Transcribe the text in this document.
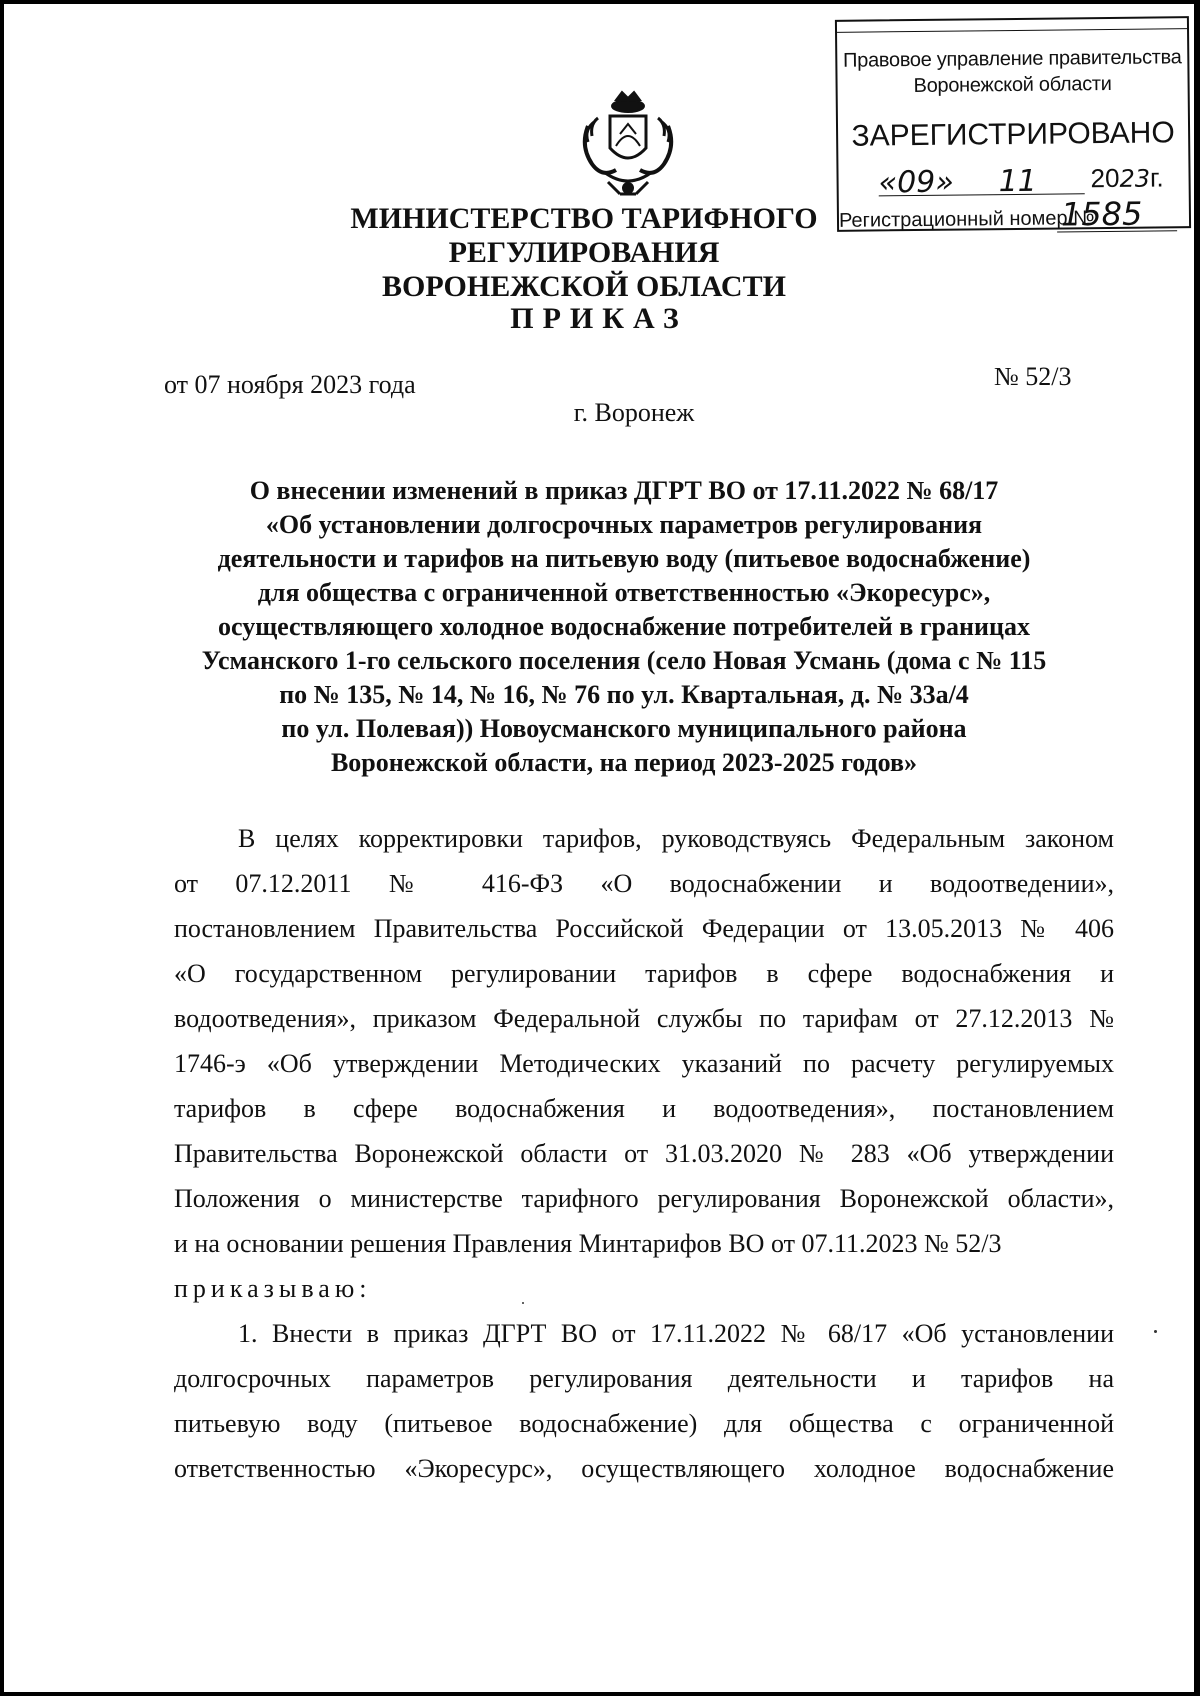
Правовое управление правительства
Воронежской области
ЗАРЕГИСТРИРОВАНО
«09» 11 2023г.
Регистрационный номер №
1585
МИНИСТЕРСТВО ТАРИФНОГО РЕГУЛИРОВАНИЯ
ВОРОНЕЖСКОЙ ОБЛАСТИ
ПРИКАЗ
от 07 ноября 2023 года	№ 52/3
г. Воронеж
О внесении изменений в приказ ДГРТ ВО от 17.11.2022 № 68/17
«Об установлении долгосрочных параметров регулирования
деятельности и тарифов на питьевую воду (питьевое водоснабжение)
для общества с ограниченной ответственностью «Экоресурс»,
осуществляющего холодное водоснабжение потребителей в границах
Усманского 1-го сельского поселения (село Новая Усмань (дома с № 115
по № 135, № 14, № 16, № 76 по ул. Квартальная, д. № 33а/4
по ул. Полевая)) Новоусманского муниципального района
Воронежской области, на период 2023-2025 годов»
В целях корректировки тарифов, руководствуясь Федеральным законом
от 07.12.2011 № 416-ФЗ «О водоснабжении и водоотведении»,
постановлением Правительства Российской Федерации от 13.05.2013 № 406
«О государственном регулировании тарифов в сфере водоснабжения и
водоотведения», приказом Федеральной службы по тарифам от 27.12.2013 №
1746-э «Об утверждении Методических указаний по расчету регулируемых
тарифов в сфере водоснабжения и водоотведения», постановлением
Правительства Воронежской области от 31.03.2020 № 283 «Об утверждении
Положения о министерстве тарифного регулирования Воронежской области»,
и на основании решения Правления Минтарифов ВО от 07.11.2023 № 52/3
приказываю:
1. Внести в приказ ДГРТ ВО от 17.11.2022 № 68/17 «Об установлении
долгосрочных параметров регулирования деятельности и тарифов на
питьевую воду (питьевое водоснабжение) для общества с ограниченной
ответственностью «Экоресурс», осуществляющего холодное водоснабжение
